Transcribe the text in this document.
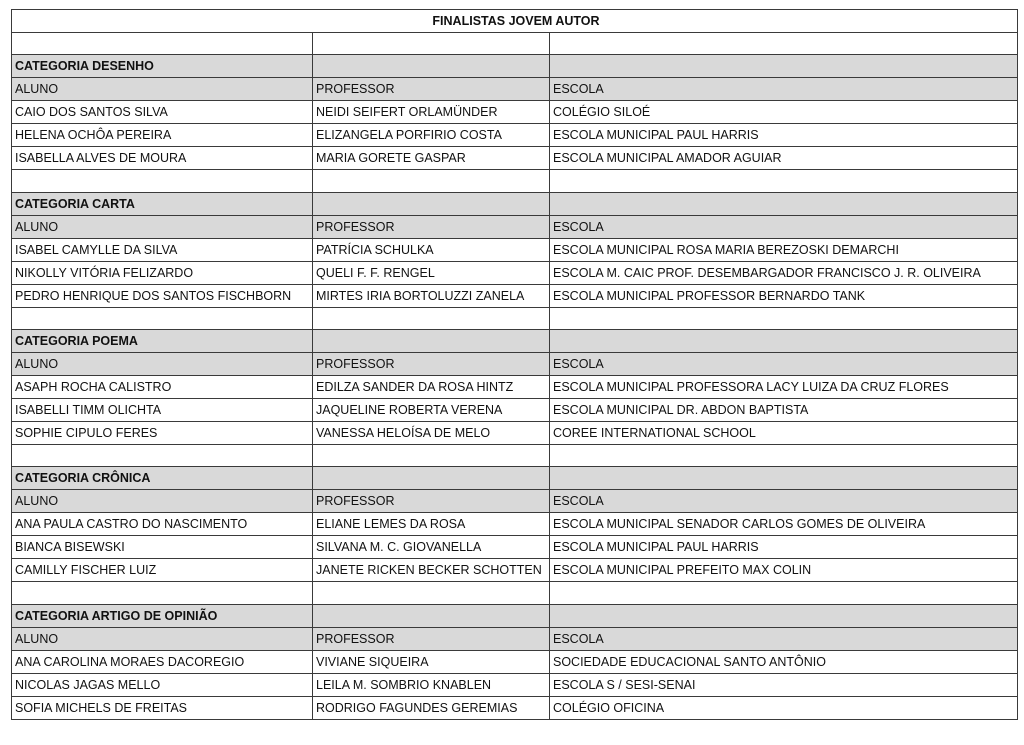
FINALISTAS JOVEM AUTOR		

CATEGORIA DESENHO		
ALUNO	PROFESSOR	ESCOLA
CAIO DOS SANTOS SILVA	NEIDI SEIFERT ORLAMÜNDER	COLÉGIO SILOÉ
HELENA OCHÔA PEREIRA	ELIZANGELA PORFIRIO COSTA	ESCOLA MUNICIPAL PAUL HARRIS
ISABELLA ALVES DE MOURA	MARIA GORETE GASPAR	ESCOLA MUNICIPAL AMADOR AGUIAR

CATEGORIA CARTA		
ALUNO	PROFESSOR	ESCOLA
ISABEL CAMYLLE DA SILVA	PATRÍCIA SCHULKA	ESCOLA MUNICIPAL ROSA MARIA BEREZOSKI DEMARCHI
NIKOLLY VITÓRIA FELIZARDO	QUELI F. F. RENGEL	ESCOLA M. CAIC PROF. DESEMBARGADOR FRANCISCO J. R. OLIVEIRA
PEDRO HENRIQUE DOS SANTOS FISCHBORN	MIRTES IRIA BORTOLUZZI ZANELA	ESCOLA MUNICIPAL PROFESSOR BERNARDO TANK

CATEGORIA POEMA		
ALUNO	PROFESSOR	ESCOLA
ASAPH ROCHA CALISTRO	EDILZA SANDER DA ROSA HINTZ	ESCOLA MUNICIPAL PROFESSORA LACY LUIZA DA CRUZ FLORES
ISABELLI TIMM OLICHTA	JAQUELINE ROBERTA VERENA	ESCOLA MUNICIPAL DR. ABDON BAPTISTA
SOPHIE CIPULO FERES	VANESSA HELOÍSA DE MELO	COREE INTERNATIONAL SCHOOL

CATEGORIA CRÔNICA		
ALUNO	PROFESSOR	ESCOLA
ANA PAULA CASTRO DO NASCIMENTO	ELIANE LEMES DA ROSA	ESCOLA MUNICIPAL SENADOR CARLOS GOMES DE OLIVEIRA
BIANCA BISEWSKI	SILVANA M. C. GIOVANELLA	ESCOLA MUNICIPAL PAUL HARRIS
CAMILLY FISCHER LUIZ	JANETE RICKEN BECKER SCHOTTEN	ESCOLA MUNICIPAL PREFEITO MAX COLIN

CATEGORIA ARTIGO DE OPINIÃO		
ALUNO	PROFESSOR	ESCOLA
ANA CAROLINA MORAES DACOREGIO	VIVIANE SIQUEIRA	SOCIEDADE EDUCACIONAL SANTO ANTÔNIO
NICOLAS JAGAS MELLO	LEILA M. SOMBRIO KNABLEN	ESCOLA S / SESI-SENAI
SOFIA MICHELS DE FREITAS	RODRIGO FAGUNDES GEREMIAS	COLÉGIO OFICINA
